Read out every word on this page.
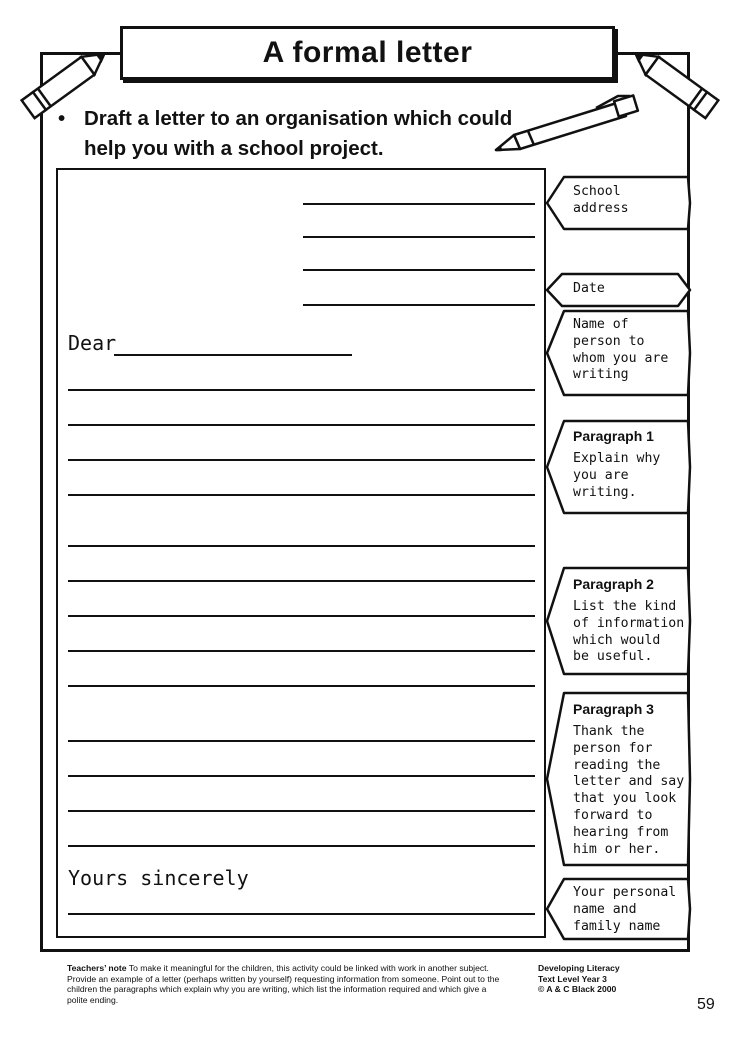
A formal letter
• Draft a letter to an organisation which could help you with a school project.
Dear
Yours sincerely
School
address
Date
Name of
person to
whom you are
writing
Paragraph 1
Explain why
you are
writing.
Paragraph 2
List the kind
of information
which would
be useful.
Paragraph 3
Thank the
person for
reading the
letter and say
that you look
forward to
hearing from
him or her.
Your personal
name and
family name
Teachers’ note To make it meaningful for the children, this activity could be linked with work in another subject. Provide an example of a letter (perhaps written by yourself) requesting information from someone. Point out to the children the paragraphs which explain why you are writing, which list the information required and which give a polite ending.
Developing Literacy
Text Level Year 3
© A & C Black 2000
59
